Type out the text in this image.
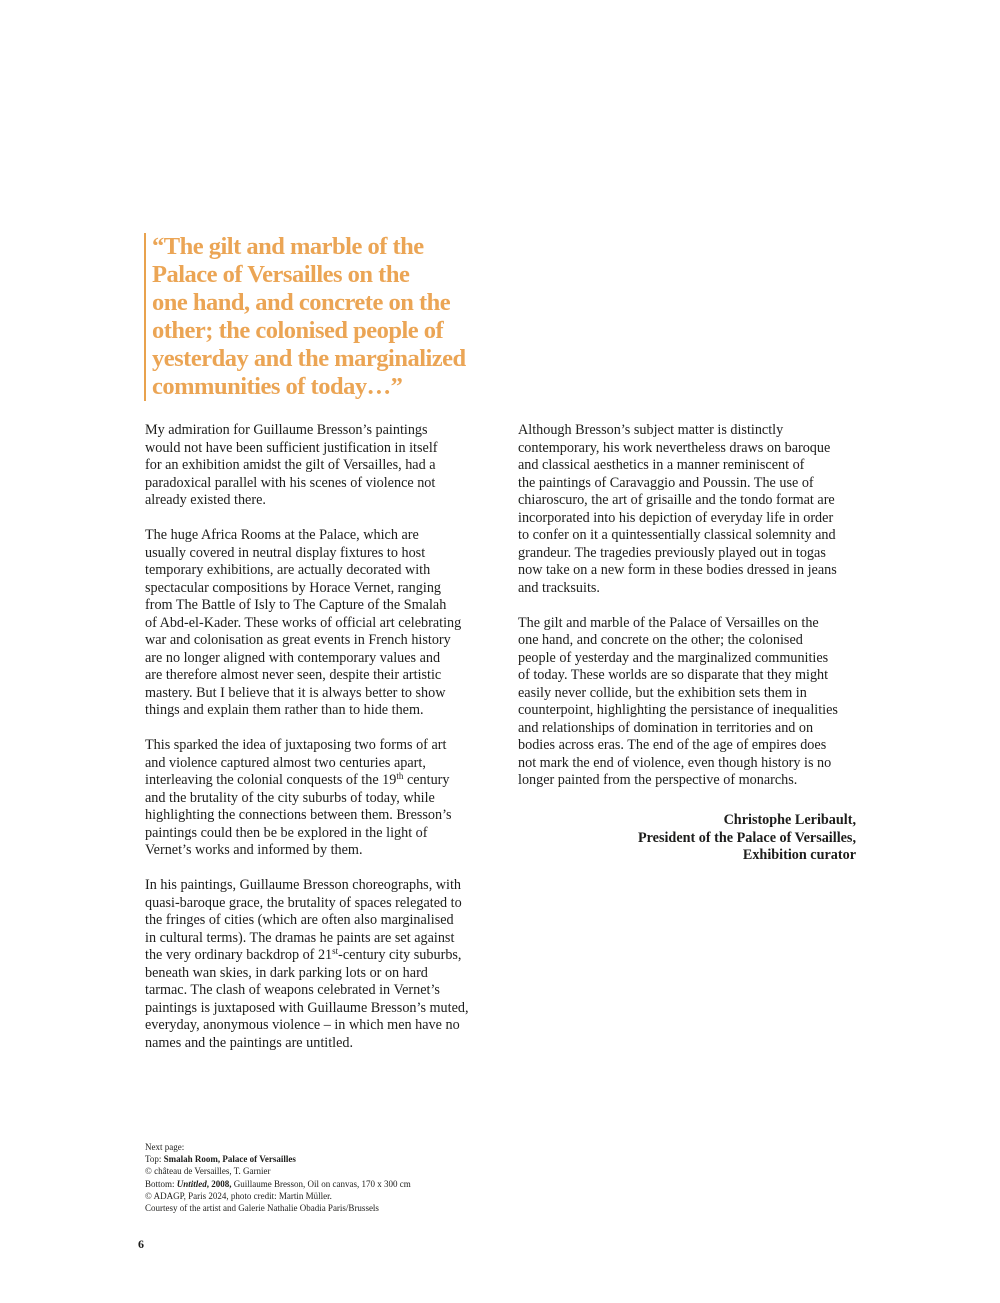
“The gilt and marble of the
Palace of Versailles on the
one hand, and concrete on the
other; the colonised people of
yesterday and the marginalized
communities of today…”

My admiration for Guillaume Bresson’s paintings
would not have been sufficient justification in itself
for an exhibition amidst the gilt of Versailles, had a
paradoxical parallel with his scenes of violence not
already existed there.

The huge Africa Rooms at the Palace, which are
usually covered in neutral display fixtures to host
temporary exhibitions, are actually decorated with
spectacular compositions by Horace Vernet, ranging
from The Battle of Isly to The Capture of the Smalah
of Abd-el-Kader. These works of official art celebrating
war and colonisation as great events in French history
are no longer aligned with contemporary values and
are therefore almost never seen, despite their artistic
mastery. But I believe that it is always better to show
things and explain them rather than to hide them.

This sparked the idea of juxtaposing two forms of art
and violence captured almost two centuries apart,
interleaving the colonial conquests of the 19th century
and the brutality of the city suburbs of today, while
highlighting the connections between them. Bresson’s
paintings could then be be explored in the light of
Vernet’s works and informed by them.

In his paintings, Guillaume Bresson choreographs, with
quasi-baroque grace, the brutality of spaces relegated to
the fringes of cities (which are often also marginalised
in cultural terms). The dramas he paints are set against
the very ordinary backdrop of 21st-century city suburbs,
beneath wan skies, in dark parking lots or on hard
tarmac. The clash of weapons celebrated in Vernet’s
paintings is juxtaposed with Guillaume Bresson’s muted,
everyday, anonymous violence – in which men have no
names and the paintings are untitled.

Although Bresson’s subject matter is distinctly
contemporary, his work nevertheless draws on baroque
and classical aesthetics in a manner reminiscent of
the paintings of Caravaggio and Poussin. The use of
chiaroscuro, the art of grisaille and the tondo format are
incorporated into his depiction of everyday life in order
to confer on it a quintessentially classical solemnity and
grandeur. The tragedies previously played out in togas
now take on a new form in these bodies dressed in jeans
and tracksuits.

The gilt and marble of the Palace of Versailles on the
one hand, and concrete on the other; the colonised
people of yesterday and the marginalized communities
of today. These worlds are so disparate that they might
easily never collide, but the exhibition sets them in
counterpoint, highlighting the persistance of inequalities
and relationships of domination in territories and on
bodies across eras. The end of the age of empires does
not mark the end of violence, even though history is no
longer painted from the perspective of monarchs.

Christophe Leribault,
President of the Palace of Versailles,
Exhibition curator
Next page:
Top: Smalah Room, Palace of Versailles
© château de Versailles, T. Garnier
Bottom: Untitled, 2008, Guillaume Bresson, Oil on canvas, 170 x 300 cm
© ADAGP, Paris 2024, photo credit: Martin Müller.
Courtesy of the artist and Galerie Nathalie Obadia Paris/Brussels
6
